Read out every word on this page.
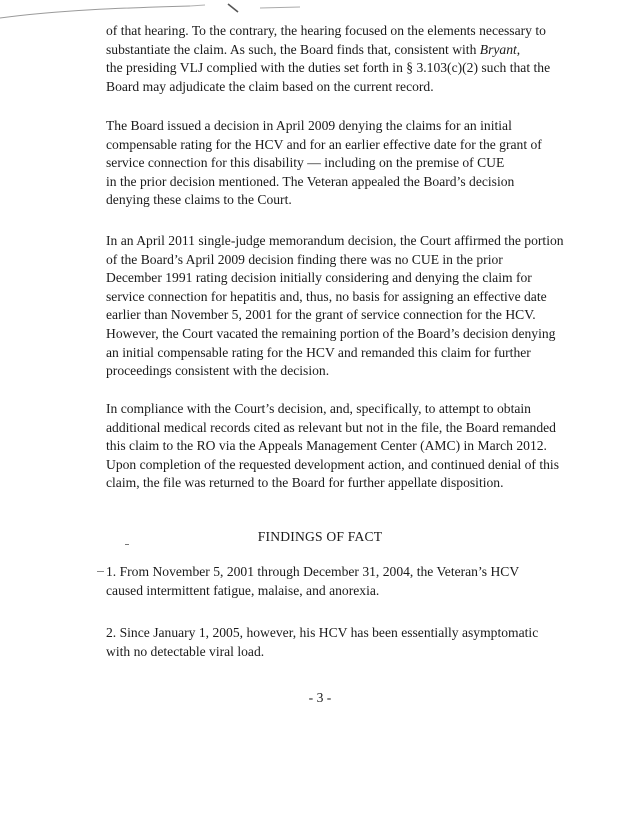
of that hearing. To the contrary, the hearing focused on the elements necessary to
substantiate the claim. As such, the Board finds that, consistent with Bryant,
the presiding VLJ complied with the duties set forth in § 3.103(c)(2) such that the
Board may adjudicate the claim based on the current record.
The Board issued a decision in April 2009 denying the claims for an initial
compensable rating for the HCV and for an earlier effective date for the grant of
service connection for this disability — including on the premise of CUE
in the prior decision mentioned. The Veteran appealed the Board’s decision
denying these claims to the Court.
In an April 2011 single-judge memorandum decision, the Court affirmed the portion
of the Board’s April 2009 decision finding there was no CUE in the prior
December 1991 rating decision initially considering and denying the claim for
service connection for hepatitis and, thus, no basis for assigning an effective date
earlier than November 5, 2001 for the grant of service connection for the HCV.
However, the Court vacated the remaining portion of the Board’s decision denying
an initial compensable rating for the HCV and remanded this claim for further
proceedings consistent with the decision.
In compliance with the Court’s decision, and, specifically, to attempt to obtain
additional medical records cited as relevant but not in the file, the Board remanded
this claim to the RO via the Appeals Management Center (AMC) in March 2012.
Upon completion of the requested development action, and continued denial of this
claim, the file was returned to the Board for further appellate disposition.
FINDINGS OF FACT
1. From November 5, 2001 through December 31, 2004, the Veteran’s HCV
caused intermittent fatigue, malaise, and anorexia.
2. Since January 1, 2005, however, his HCV has been essentially asymptomatic
with no detectable viral load.
- 3 -
